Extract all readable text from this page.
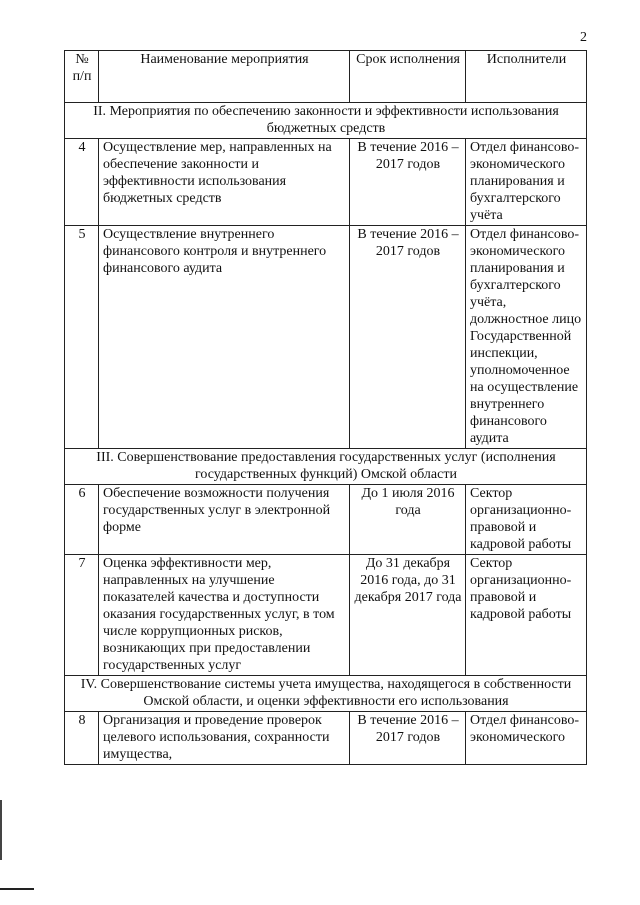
2
№ п/п	Наименование мероприятия	Срок исполнения	Исполнители
II. Мероприятия по обеспечению законности и эффективности использования бюджетных средств			
4	Осуществление мер, направленных на обеспечение законности и эффективности использования бюджетных средств	В течение 2016 – 2017 годов	Отдел финансово-экономического планирования и бухгалтерского учёта
5	Осуществление внутреннего финансового контроля и внутреннего финансового аудита	В течение 2016 – 2017 годов	Отдел финансово-экономического планирования и бухгалтерского учёта, должностное лицо Государственной инспекции, уполномоченное на осуществление внутреннего финансового аудита
III. Совершенствование предоставления государственных услуг (исполнения государственных функций) Омской области			
6	Обеспечение возможности получения государственных услуг в электронной форме	До 1 июля 2016 года	Сектор организационно-правовой и кадровой работы
7	Оценка эффективности мер, направленных на улучшение показателей качества и доступности оказания государственных услуг, в том числе коррупционных рисков, возникающих при предоставлении государственных услуг	До 31 декабря 2016 года, до 31 декабря 2017 года	Сектор организационно-правовой и кадровой работы
IV. Совершенствование системы учета имущества, находящегося в собственности Омской области, и оценки эффективности его использования			
8	Организация и проведение проверок целевого использования, сохранности имущества,	В течение 2016 – 2017 годов	Отдел финансово-экономического
